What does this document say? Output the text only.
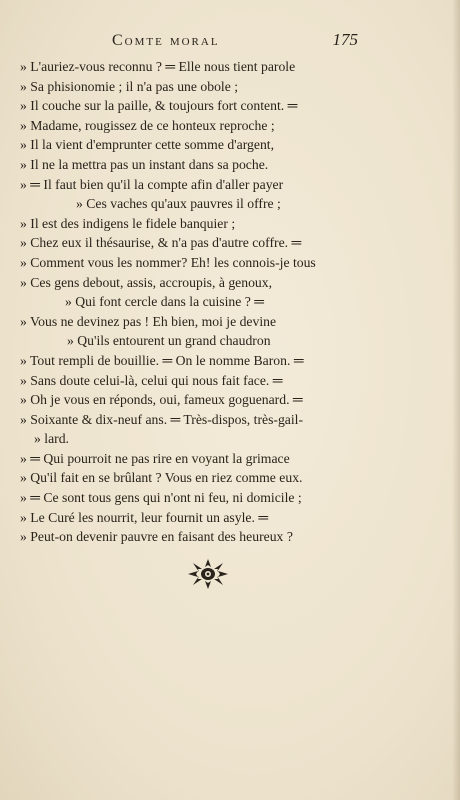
Comte moral	175
» L'auriez-vous reconnu ? ═ Elle nous tient parole
» Sa phisionomie ; il n'a pas une obole ;
» Il couche sur la paille, & toujours fort content. ═
» Madame, rougissez de ce honteux reproche ;
» Il la vient d'emprunter cette somme d'argent,
» Il ne la mettra pas un instant dans sa poche.
» ═ Il faut bien qu'il la compte afin d'aller payer
» Ces vaches qu'aux pauvres il offre ;
» Il est des indigens le fidele banquier ;
» Chez eux il thésaurise, & n'a pas d'autre coffre. ═
» Comment vous les nommer? Eh! les connois-je tous
» Ces gens debout, assis, accroupis, à genoux,
» Qui font cercle dans la cuisine ? ═
» Vous ne devinez pas ! Eh bien, moi je devine
» Qu'ils entourent un grand chaudron
» Tout rempli de bouillie. ═ On le nomme Baron. ═
» Sans doute celui-là, celui qui nous fait face. ═
» Oh je vous en réponds, oui, fameux goguenard. ═
» Soixante & dix-neuf ans. ═ Très-dispos, très-gail-
» lard.
» ═ Qui pourroit ne pas rire en voyant la grimace
» Qu'il fait en se brûlant ? Vous en riez comme eux.
» ═ Ce sont tous gens qui n'ont ni feu, ni domicile ;
» Le Curé les nourrit, leur fournit un asyle. ═
» Peut-on devenir pauvre en faisant des heureux ?
